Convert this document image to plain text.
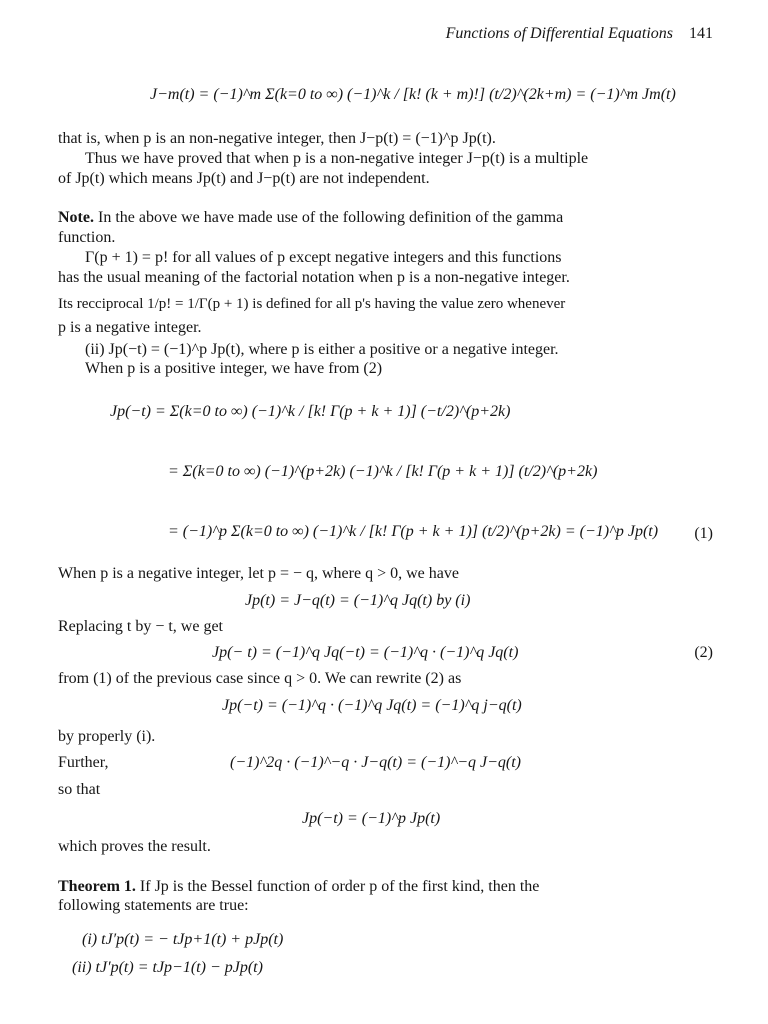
Functions of Differential Equations 141
J−m(t) = (−1)^m Σ(k=0 to ∞) (−1)^k / [k! (k + m)!] (t/2)^(2k+m) = (−1)^m Jm(t)
that is, when p is an non-negative integer, then J−p(t) = (−1)^p Jp(t).
Thus we have proved that when p is a non-negative integer J−p(t) is a multiple
of Jp(t) which means Jp(t) and J−p(t) are not independent.
Note. In the above we have made use of the following definition of the gamma
function.
Γ(p + 1) = p! for all values of p except negative integers and this functions
has the usual meaning of the factorial notation when p is a non-negative integer.
Its recciprocal 1/p! = 1/Γ(p + 1) is defined for all p's having the value zero whenever
p is a negative integer.
(ii) Jp(−t) = (−1)^p Jp(t), where p is either a positive or a negative integer.
When p is a positive integer, we have from (2)
Jp(−t) = Σ(k=0 to ∞) (−1)^k / [k! Γ(p + k + 1)] (−t/2)^(p+2k)
= Σ(k=0 to ∞) (−1)^(p+2k) (−1)^k / [k! Γ(p + k + 1)] (t/2)^(p+2k)
= (−1)^p Σ(k=0 to ∞) (−1)^k / [k! Γ(p + k + 1)] (t/2)^(p+2k) = (−1)^p Jp(t) (1)
When p is a negative integer, let p = − q, where q > 0, we have
Jp(t) = J−q(t) = (−1)^q Jq(t) by (i)
Replacing t by − t, we get
Jp(− t) = (−1)^q Jq(−t) = (−1)^q · (−1)^q Jq(t)	(2)
from (1) of the previous case since q > 0. We can rewrite (2) as
Jp(−t) = (−1)^q · (−1)^q Jq(t) = (−1)^q j−q(t)
by properly (i).
Further,	(−1)^2q · (−1)^−q · J−q(t) = (−1)^−q J−q(t)
so that
Jp(−t) = (−1)^p Jp(t)
which proves the result.
Theorem 1. If Jp is the Bessel function of order p of the first kind, then the
following statements are true:
(i) tJ′p(t) = − tJp+1(t) + pJp(t)
(ii) tJ′p(t) = tJp−1(t) − pJp(t)
